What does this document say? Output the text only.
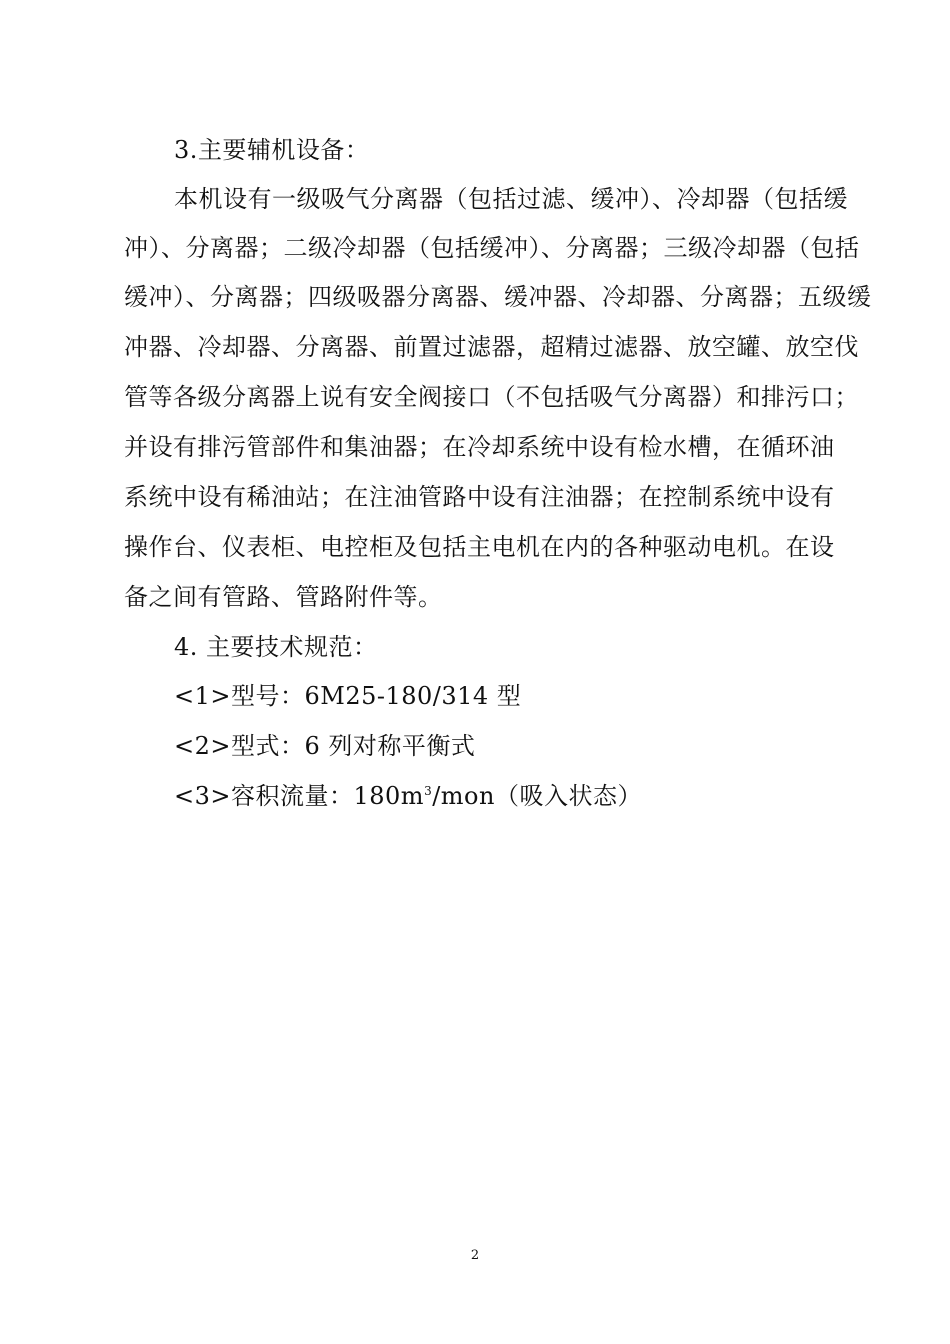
3.主要辅机设备：
本机设有一级吸气分离器（包括过滤、缓冲）、冷却器（包括缓
冲）、分离器；二级冷却器（包括缓冲）、分离器；三级冷却器（包括
缓冲）、分离器；四级吸器分离器、缓冲器、冷却器、分离器；五级缓
冲器、冷却器、分离器、前置过滤器，超精过滤器、放空罐、放空伐
管等各级分离器上说有安全阀接口（不包括吸气分离器）和排污口；
并设有排污管部件和集油器；在冷却系统中设有检水槽，在循环油
系统中设有稀油站；在注油管路中设有注油器；在控制系统中设有
操作台、仪表柜、电控柜及包括主电机在内的各种驱动电机。在设
备之间有管路、管路附件等。
4. 主要技术规范：
<1>型号：6M25-180/314 型
<2>型式：6 列对称平衡式
<3>容积流量：$180m^3/mon$（吸入状态）
2
